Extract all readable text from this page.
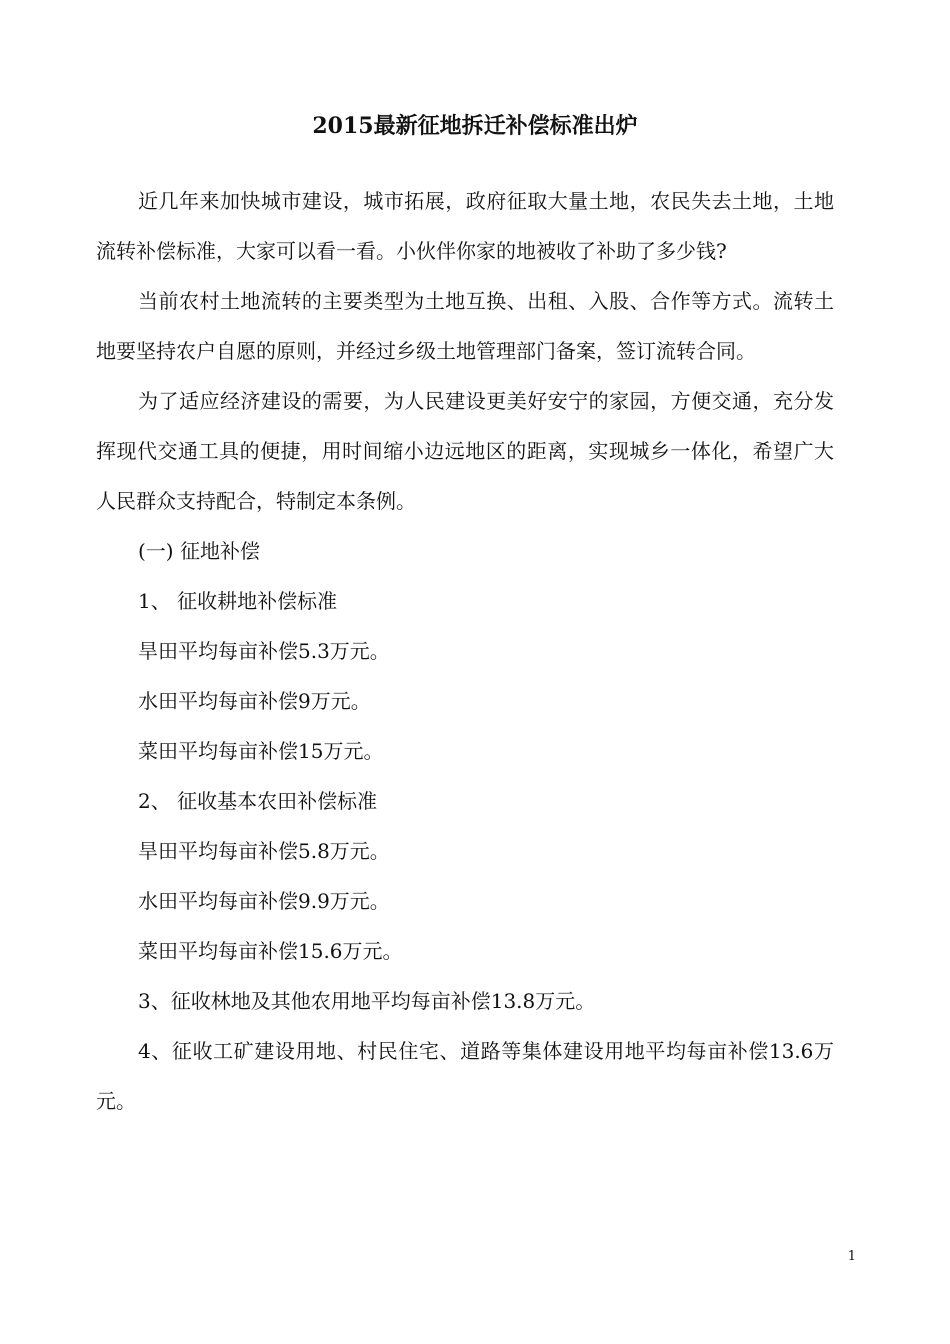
2015最新征地拆迁补偿标准出炉

近几年来加快城市建设，城市拓展，政府征取大量土地，农民失去土地，土地流转补偿标准，大家可以看一看。小伙伴你家的地被收了补助了多少钱?

当前农村土地流转的主要类型为土地互换、出租、入股、合作等方式。流转土地要坚持农户自愿的原则，并经过乡级土地管理部门备案，签订流转合同。

为了适应经济建设的需要，为人民建设更美好安宁的家园，方便交通，充分发挥现代交通工具的便捷，用时间缩小边远地区的距离，实现城乡一体化，希望广大人民群众支持配合，特制定本条例。

(一) 征地补偿

1、 征收耕地补偿标准

旱田平均每亩补偿5.3万元。

水田平均每亩补偿9万元。

菜田平均每亩补偿15万元。

2、 征收基本农田补偿标准

旱田平均每亩补偿5.8万元。

水田平均每亩补偿9.9万元。

菜田平均每亩补偿15.6万元。

3、征收林地及其他农用地平均每亩补偿13.8万元。

4、征收工矿建设用地、村民住宅、道路等集体建设用地平均每亩补偿13.6万元。

1
